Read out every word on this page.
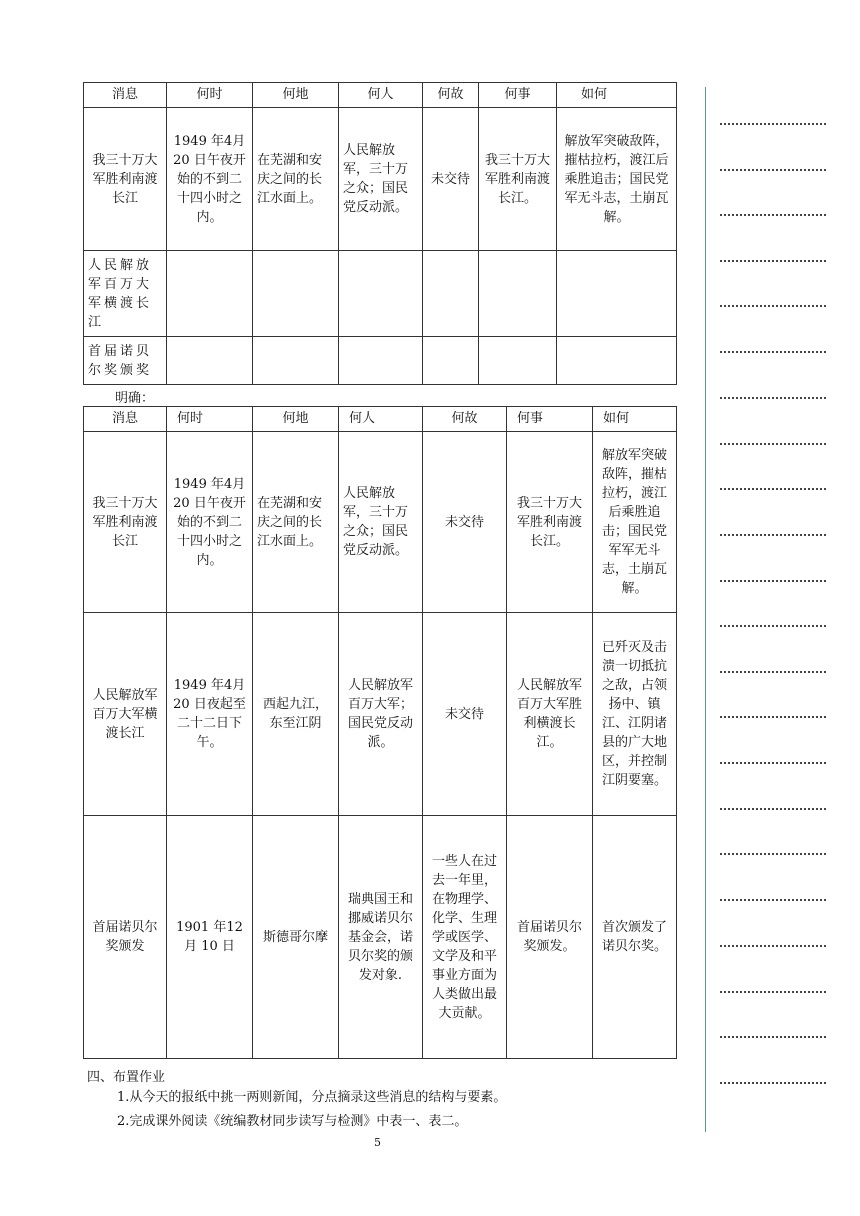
消息	何时	何地	何人	何故	何事	如何
我三十万大军胜利南渡长江	1949 年4月20 日午夜开始的不到二十四小时之内。	在芜湖和安庆之间的长江水面上。	人民解放军，三十万之众；国民党反动派。	未交待	我三十万大军胜利南渡长江。	解放军突破敌阵，摧枯拉朽，渡江后乘胜追击；国民党军无斗志，土崩瓦解。
人民解放军百万大军横渡长江						
首届诺贝尔奖颁奖						
明确：
消息	何时	何地	何人	何故	何事	如何
我三十万大军胜利南渡长江	1949 年4月20 日午夜开始的不到二十四小时之内。	在芜湖和安庆之间的长江水面上。	人民解放军，三十万之众；国民党反动派。	未交待	我三十万大军胜利南渡长江。	解放军突破敌阵，摧枯拉朽，渡江后乘胜追击；国民党军军无斗志，土崩瓦解。
人民解放军百万大军横渡长江	1949 年4月20 日夜起至二十二日下午。	西起九江，东至江阴	人民解放军百万大军；国民党反动派。	未交待	人民解放军百万大军胜利横渡长江。	已歼灭及击溃一切抵抗之敌，占领扬中、镇江、江阴诸县的广大地区，并控制江阴要塞。
首届诺贝尔奖颁发	1901 年12月 10 日	斯德哥尔摩	瑞典国王和挪威诺贝尔基金会，诺贝尔奖的颁发对象.	一些人在过去一年里，在物理学、化学、生理学或医学、文学及和平事业方面为人类做出最大贡献。	首届诺贝尔奖颁发。	首次颁发了诺贝尔奖。
四、布置作业
1.从今天的报纸中挑一两则新闻，分点摘录这些消息的结构与要素。
2.完成课外阅读《统编教材同步读写与检测》中表一、表二。
5
